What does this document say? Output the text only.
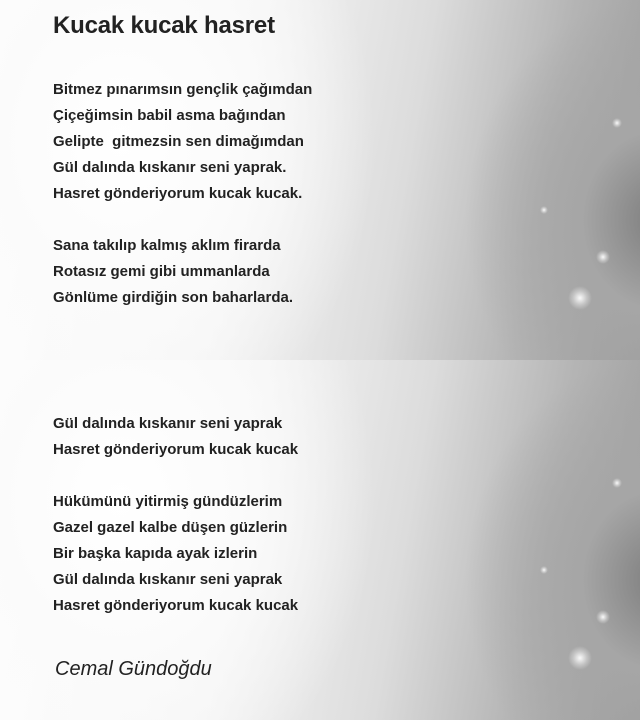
Kucak kucak hasret
Bitmez pınarımsın gençlik çağımdan
Çiçeğimsin babil asma bağından
Gelipte  gitmezsin sen dimağımdan
Gül dalında kıskanır seni yaprak.
Hasret gönderiyorum kucak kucak.
Sana takılıp kalmış aklım firarda
Rotasız gemi gibi ummanlarda
Gönlüme girdiğin son baharlarda.
Gül dalında kıskanır seni yaprak
Hasret gönderiyorum kucak kucak
Hükümünü yitirmiş gündüzlerim
Gazel gazel kalbe düşen güzlerin
Bir başka kapıda ayak izlerin
Gül dalında kıskanır seni yaprak
Hasret gönderiyorum kucak kucak
Cemal Gündoğdu
